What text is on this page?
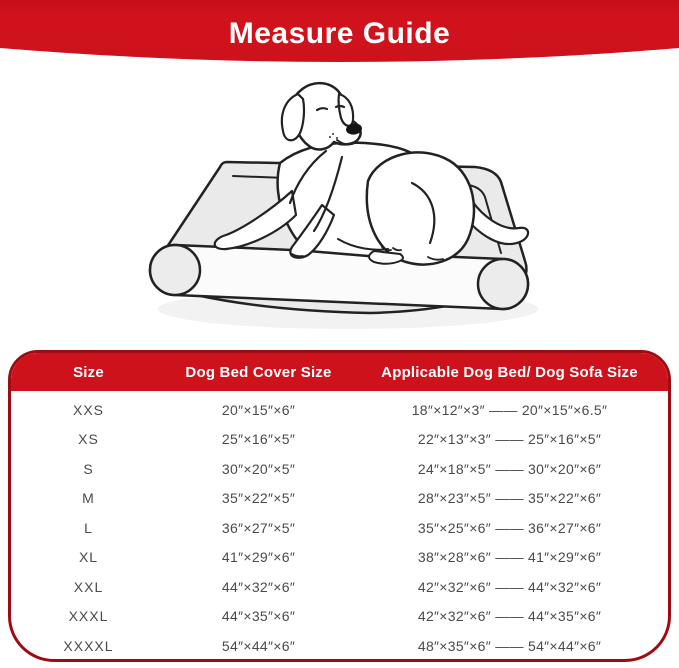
Measure Guide
Size	Dog Bed Cover Size	Applicable Dog Bed/ Dog Sofa Size
XXS	20″×15″×6″	18″×12″×3″ —— 20″×15″×6.5″
XS	25″×16″×5″	22″×13″×3″ —— 25″×16″×5″
S	30″×20″×5″	24″×18″×5″ —— 30″×20″×6″
M	35″×22″×5″	28″×23″×5″ —— 35″×22″×6″
L	36″×27″×5″	35″×25″×6″ —— 36″×27″×6″
XL	41″×29″×6″	38″×28″×6″ —— 41″×29″×6″
XXL	44″×32″×6″	42″×32″×6″ —— 44″×32″×6″
XXXL	44″×35″×6″	42″×32″×6″ —— 44″×35″×6″
XXXXL	54″×44″×6″	48″×35″×6″ —— 54″×44″×6″
